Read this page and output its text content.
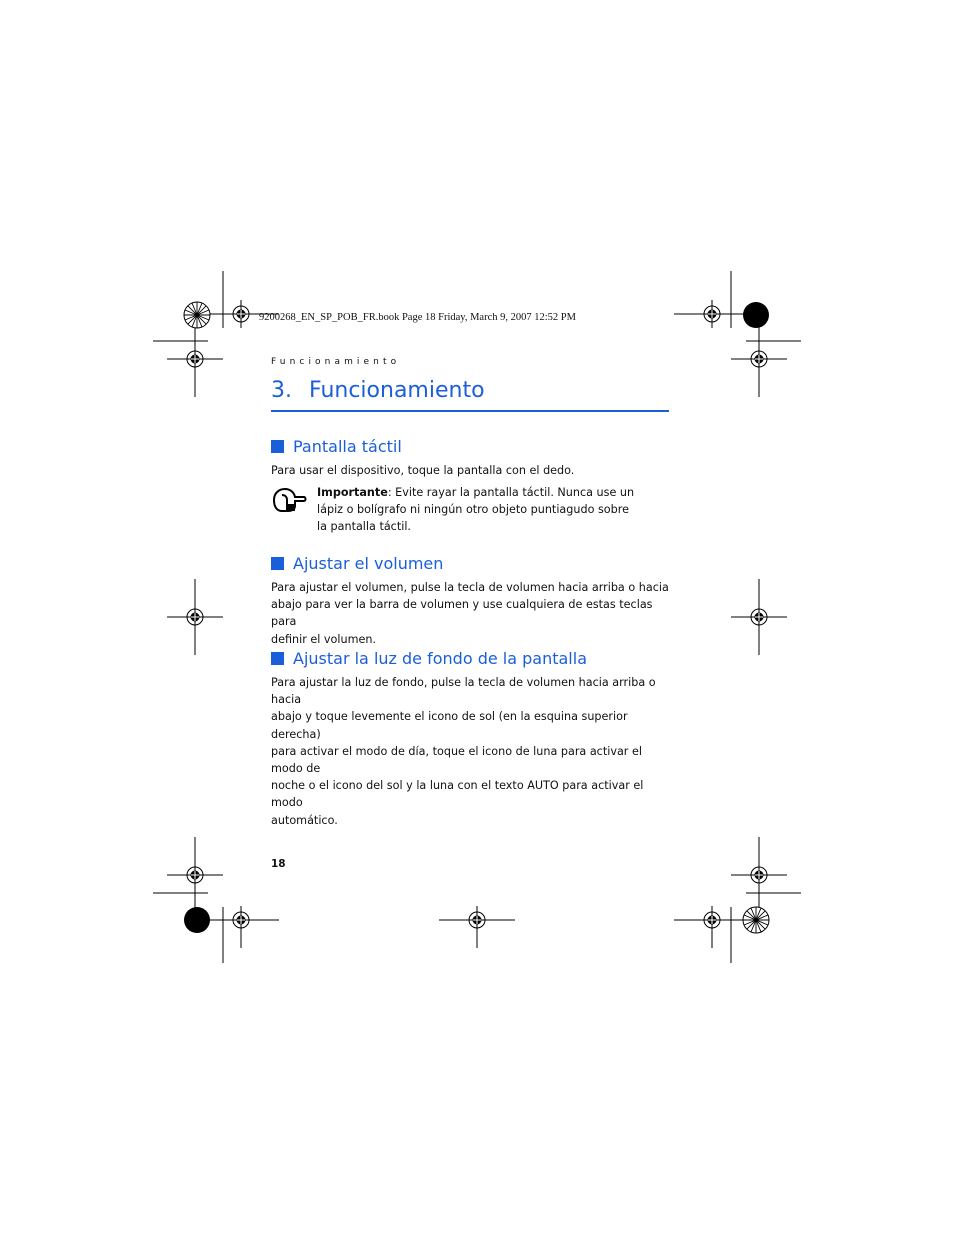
9200268_EN_SP_POB_FR.book Page 18 Friday, March 9, 2007 12:52 PM
Funcionamiento
3. Funcionamiento
Pantalla táctil

Para usar el dispositivo, toque la pantalla con el dedo.

Importante: Evite rayar la pantalla táctil. Nunca use un
lápiz o bolígrafo ni ningún otro objeto puntiagudo sobre
la pantalla táctil.

Ajustar el volumen

Para ajustar el volumen, pulse la tecla de volumen hacia arriba o hacia
abajo para ver la barra de volumen y use cualquiera de estas teclas para
definir el volumen.

Ajustar la luz de fondo de la pantalla

Para ajustar la luz de fondo, pulse la tecla de volumen hacia arriba o hacia
abajo y toque levemente el icono de sol (en la esquina superior derecha)
para activar el modo de día, toque el icono de luna para activar el modo de
noche o el icono del sol y la luna con el texto AUTO para activar el modo
automático.

18
